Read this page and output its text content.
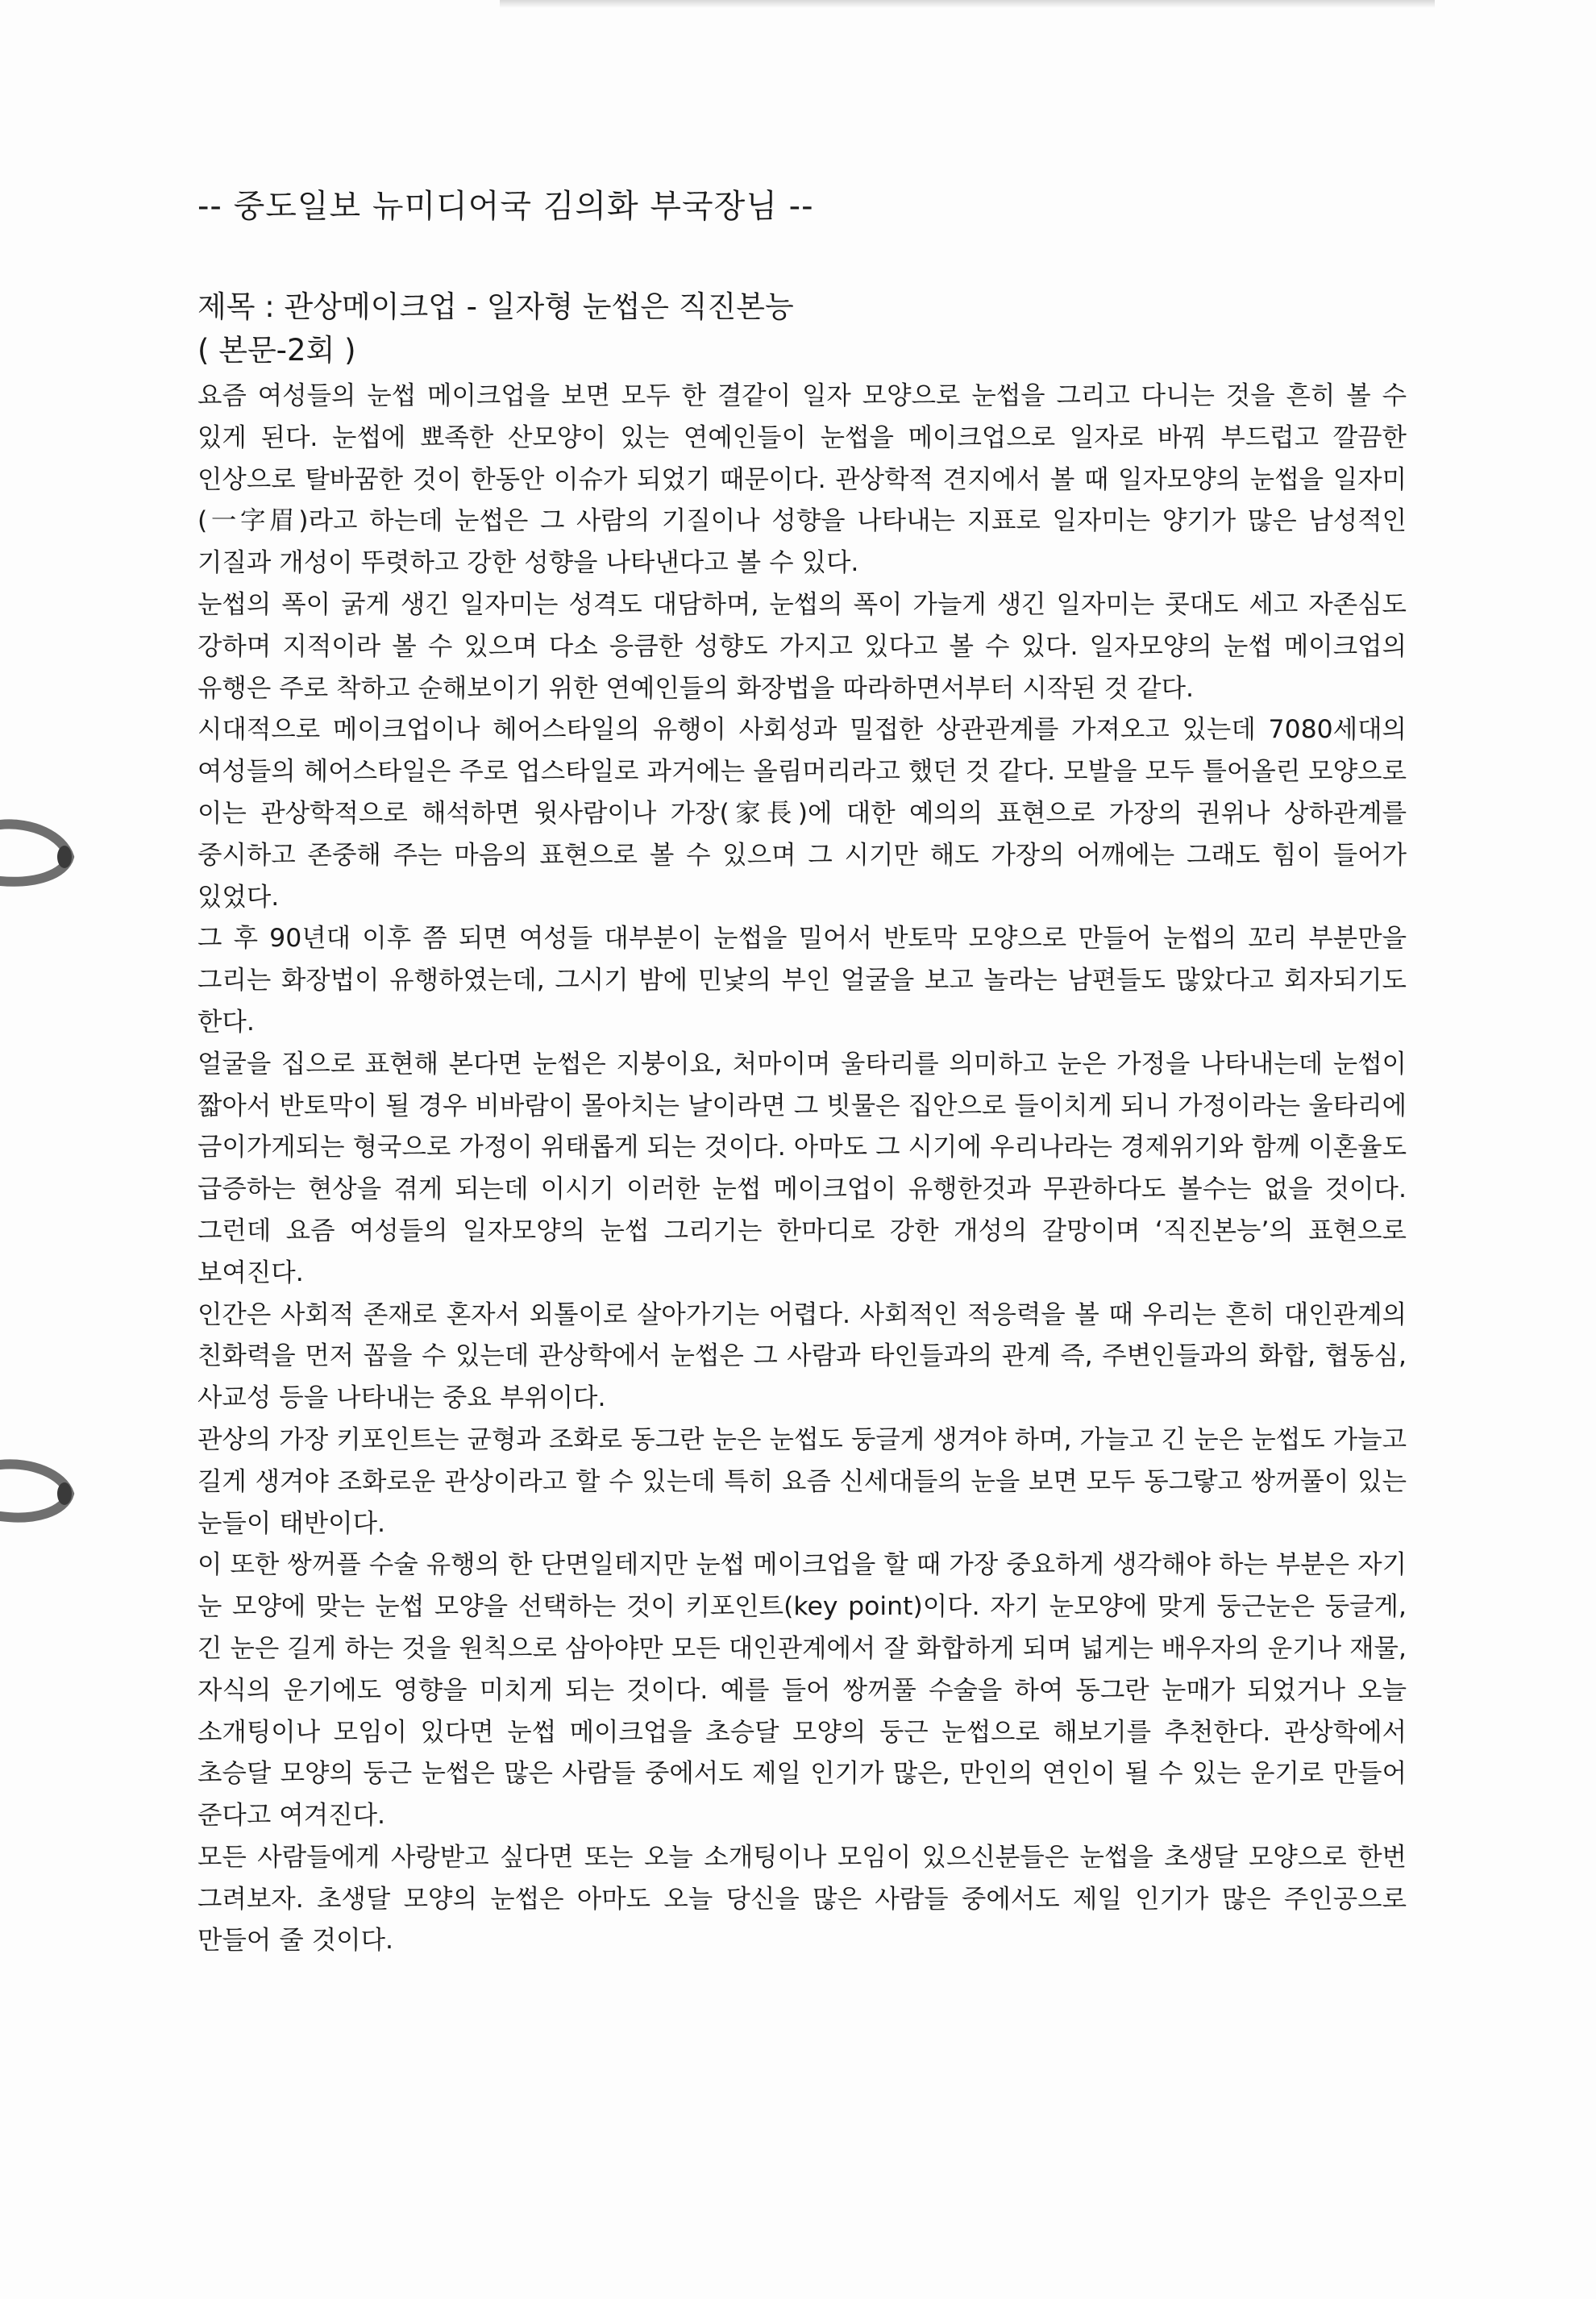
-- 중도일보 뉴미디어국 김의화 부국장님 --

제목 : 관상메이크업 - 일자형 눈썹은 직진본능

( 본문-2회 )

요즘 여성들의 눈썹 메이크업을 보면 모두 한 결같이 일자 모양으로 눈썹을 그리고 다니는 것을 흔히 볼 수 있게 된다. 눈썹에 뾰족한 산모양이 있는 연예인들이 눈썹을 메이크업으로 일자로 바꿔 부드럽고 깔끔한 인상으로 탈바꿈한 것이 한동안 이슈가 되었기 때문이다. 관상학적 견지에서 볼 때 일자모양의 눈썹을 일자미(一字眉)라고 하는데 눈썹은 그 사람의 기질이나 성향을 나타내는 지표로 일자미는 양기가 많은 남성적인 기질과 개성이 뚜렷하고 강한 성향을 나타낸다고 볼 수 있다.

눈썹의 폭이 굵게 생긴 일자미는 성격도 대담하며, 눈썹의 폭이 가늘게 생긴 일자미는 콧대도 세고 자존심도 강하며 지적이라 볼 수 있으며 다소 응큼한 성향도 가지고 있다고 볼 수 있다. 일자모양의 눈썹 메이크업의 유행은 주로 착하고 순해보이기 위한 연예인들의 화장법을 따라하면서부터 시작된 것 같다.

시대적으로 메이크업이나 헤어스타일의 유행이 사회성과 밀접한 상관관계를 가져오고 있는데 7080세대의 여성들의 헤어스타일은 주로 업스타일로 과거에는 올림머리라고 했던 것 같다. 모발을 모두 틀어올린 모양으로 이는 관상학적으로 해석하면 윗사람이나 가장(家長)에 대한 예의의 표현으로 가장의 권위나 상하관계를 중시하고 존중해 주는 마음의 표현으로 볼 수 있으며 그 시기만 해도 가장의 어깨에는 그래도 힘이 들어가 있었다.

그 후 90년대 이후 쯤 되면 여성들 대부분이 눈썹을 밀어서 반토막 모양으로 만들어 눈썹의 꼬리 부분만을 그리는 화장법이 유행하였는데, 그시기 밤에 민낯의 부인 얼굴을 보고 놀라는 남편들도 많았다고 회자되기도 한다.

얼굴을 집으로 표현해 본다면 눈썹은 지붕이요, 처마이며 울타리를 의미하고 눈은 가정을 나타내는데 눈썹이 짧아서 반토막이 될 경우 비바람이 몰아치는 날이라면 그 빗물은 집안으로 들이치게 되니 가정이라는 울타리에 금이가게되는 형국으로 가정이 위태롭게 되는 것이다. 아마도 그 시기에 우리나라는 경제위기와 함께 이혼율도 급증하는 현상을 겪게 되는데 이시기 이러한 눈썹 메이크업이 유행한것과 무관하다도 볼수는 없을 것이다. 그런데 요즘 여성들의 일자모양의 눈썹 그리기는 한마디로 강한 개성의 갈망이며 ‘직진본능’의 표현으로 보여진다.

인간은 사회적 존재로 혼자서 외톨이로 살아가기는 어렵다. 사회적인 적응력을 볼 때 우리는 흔히 대인관계의 친화력을 먼저 꼽을 수 있는데 관상학에서 눈썹은 그 사람과 타인들과의 관계 즉, 주변인들과의 화합, 협동심, 사교성 등을 나타내는 중요 부위이다.

관상의 가장 키포인트는 균형과 조화로 동그란 눈은 눈썹도 둥글게 생겨야 하며, 가늘고 긴 눈은 눈썹도 가늘고 길게 생겨야 조화로운 관상이라고 할 수 있는데 특히 요즘 신세대들의 눈을 보면 모두 동그랗고 쌍꺼풀이 있는 눈들이 태반이다.

이 또한 쌍꺼플 수술 유행의 한 단면일테지만 눈썹 메이크업을 할 때 가장 중요하게 생각해야 하는 부분은 자기 눈 모양에 맞는 눈썹 모양을 선택하는 것이 키포인트(key point)이다. 자기 눈모양에 맞게 둥근눈은 둥글게, 긴 눈은 길게 하는 것을 원칙으로 삼아야만 모든 대인관계에서 잘 화합하게 되며 넓게는 배우자의 운기나 재물, 자식의 운기에도 영향을 미치게 되는 것이다. 예를 들어 쌍꺼풀 수술을 하여 동그란 눈매가 되었거나 오늘 소개팅이나 모임이 있다면 눈썹 메이크업을 초승달 모양의 둥근 눈썹으로 해보기를 추천한다. 관상학에서 초승달 모양의 둥근 눈썹은 많은 사람들 중에서도 제일 인기가 많은, 만인의 연인이 될 수 있는 운기로 만들어 준다고 여겨진다.

모든 사람들에게 사랑받고 싶다면 또는 오늘 소개팅이나 모임이 있으신분들은 눈썹을 초생달 모양으로 한번 그려보자. 초생달 모양의 눈썹은 아마도 오늘 당신을 많은 사람들 중에서도 제일 인기가 많은 주인공으로 만들어 줄 것이다.
